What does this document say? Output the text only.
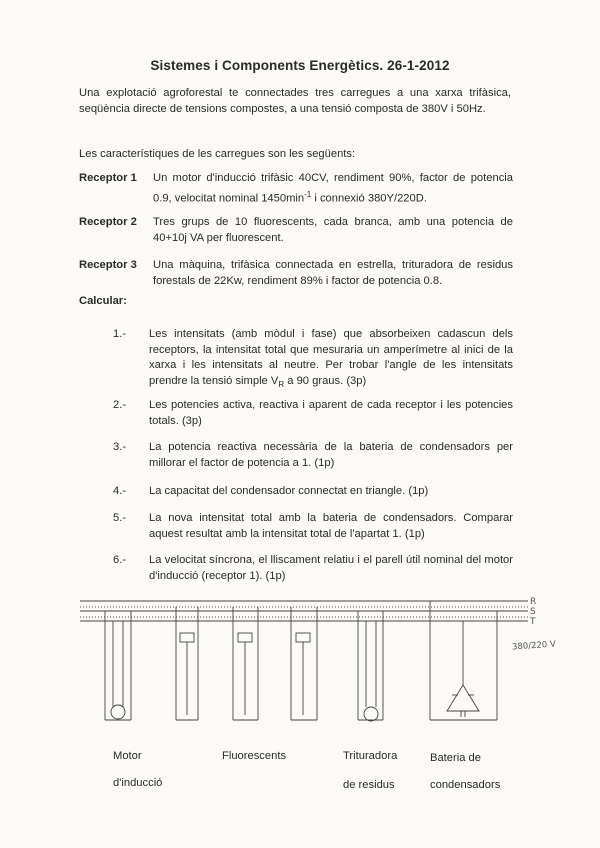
Sistemes i Components Energètics. 26-1-2012
Una explotació agroforestal te connectades tres carregues a una xarxa trifàsica, seqüència directe de tensions compostes, a una tensió composta de 380V i 50Hz.
Les característiques de les carregues son les següents:
Receptor 1 Un motor d'inducció trifàsic 40CV, rendiment 90%, factor de potencia 0.9, velocitat nominal $1450\min^{-1}$ i connexió 380Y/220D.
Receptor 2 Tres grups de 10 fluorescents, cada branca, amb una potencia de 40+10j VA per fluorescent.
Receptor 3 Una màquina, trifàsica connectada en estrella, trituradora de residus forestals de 22Kw, rendiment 89% i factor de potencia 0.8.
Calcular:
1.- Les intensitats (amb mòdul i fase) que absorbeixen cadascun dels receptors, la intensitat total que mesuraria un amperímetre al inici de la xarxa i les intensitats al neutre. Per trobar l'angle de les intensitats prendre la tensió simple $V_R$ a 90 graus. (3p)
2.- Les potencies activa, reactiva i aparent de cada receptor i les potencies totals. (3p)
3.- La potencia reactiva necessària de la bateria de condensadors per millorar el factor de potencia a 1. (1p)
4.- La capacitat del condensador connectat en triangle. (1p)
5.- La nova intensitat total amb la bateria de condensadors. Comparar aquest resultat amb la intensitat total de l'apartat 1. (1p)
6.- La velocitat síncrona, el lliscament relatiu i el parell útil nominal del motor d'inducció (receptor 1). (1p)
R
S
T
380/220 V
Motor
d'inducció
Fluorescents	Trituradora
de residus
Bateria de
condensadors
